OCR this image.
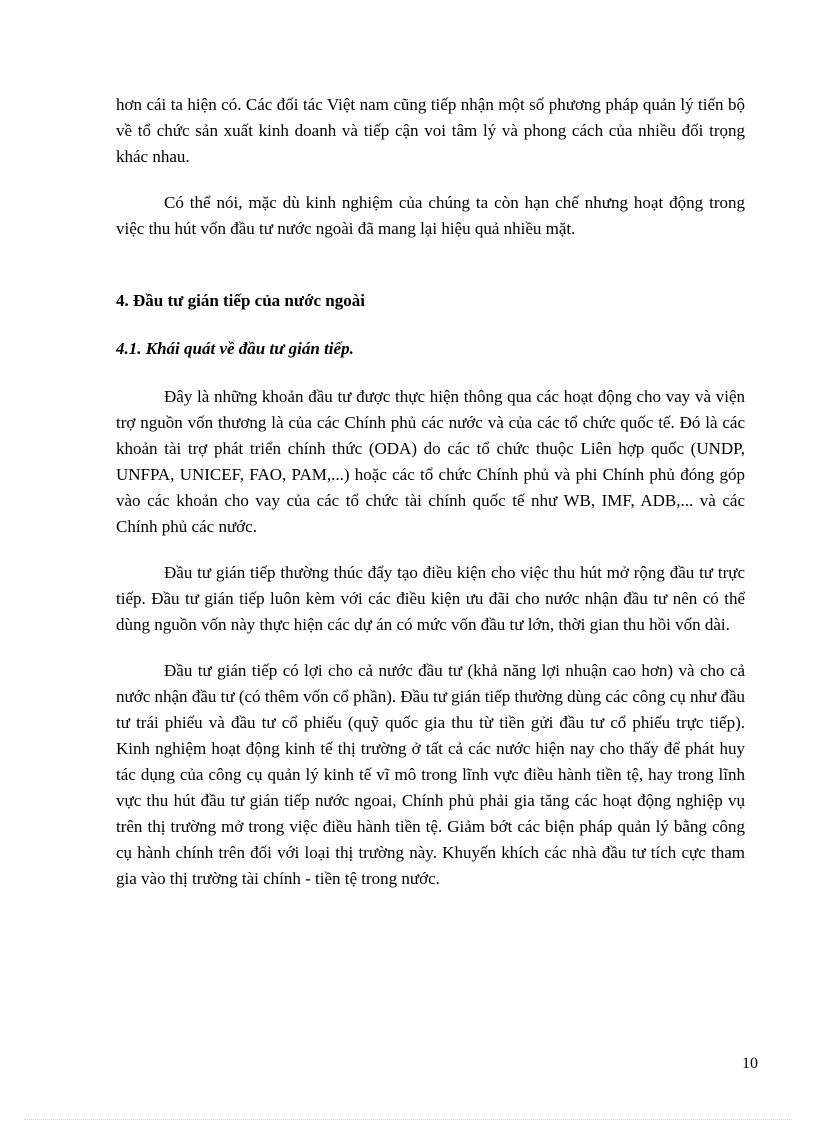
hơn cái ta hiện có. Các đối tác Việt nam cũng tiếp nhận một số phương pháp quản lý tiến bộ về tổ chức sản xuất kinh doanh và tiếp cận voi tâm lý và phong cách của nhiều đối trọng khác nhau.

Có thể nói, mặc dù kinh nghiệm của chúng ta còn hạn chế nhưng hoạt động trong việc thu hút vốn đầu tư nước ngoài đã mang lại hiệu quả nhiều mặt.

4. Đầu tư gián tiếp của nước ngoài

4.1. Khái quát về đầu tư gián tiếp.

Đây là những khoản đầu tư được thực hiện thông qua các hoạt động cho vay và viện trợ nguồn vốn thương là của các Chính phủ các nước và của các tổ chức quốc tế. Đó là các khoản tài trợ phát triển chính thức (ODA) do các tổ chức thuộc Liên hợp quốc (UNDP, UNFPA, UNICEF, FAO, PAM,...) hoặc các tổ chức Chính phủ và phi Chính phủ đóng góp vào các khoản cho vay của các tổ chức tài chính quốc tế như WB, IMF, ADB,... và các Chính phủ các nước.

Đầu tư gián tiếp thường thúc đẩy tạo điều kiện cho việc thu hút mở rộng đầu tư trực tiếp. Đầu tư gián tiếp luôn kèm với các điều kiện ưu đãi cho nước nhận đầu tư nên có thể dùng nguồn vốn này thực hiện các dự án có mức vốn đầu tư lớn, thời gian thu hồi vốn dài.

Đầu tư gián tiếp có lợi cho cả nước đầu tư (khả năng lợi nhuận cao hơn) và cho cả nước nhận đầu tư (có thêm vốn cổ phần). Đầu tư gián tiếp thường dùng các công cụ như đầu tư trái phiếu và đầu tư cổ phiếu (quỹ quốc gia thu từ tiền gửi đầu tư cổ phiếu trực tiếp). Kinh nghiệm hoạt động kinh tế thị trường ở tất cả các nước hiện nay cho thấy để phát huy tác dụng của công cụ quản lý kinh tế vĩ mô trong lĩnh vực điều hành tiền tệ, hay trong lĩnh vực thu hút đầu tư gián tiếp nước ngoai, Chính phủ phải gia tăng các hoạt động nghiệp vụ trên thị trường mở trong việc điều hành tiền tệ. Giảm bớt các biện pháp quản lý bằng công cụ hành chính trên đối với loại thị trường này. Khuyến khích các nhà đầu tư tích cực tham gia vào thị trường tài chính - tiền tệ trong nước.

10
